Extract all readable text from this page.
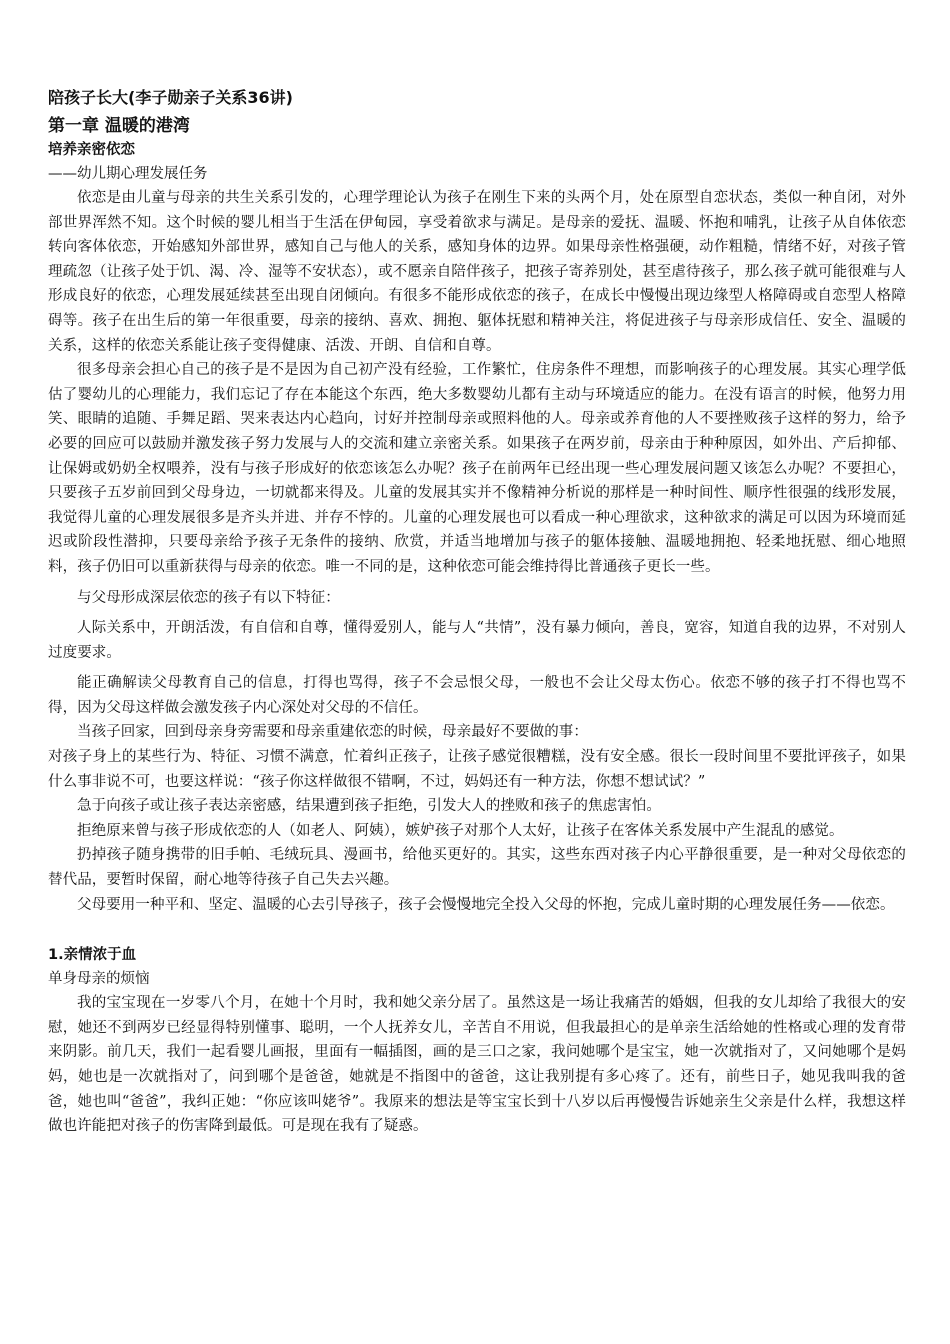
陪孩子长大(李子勋亲子关系36讲)
第一章 温暖的港湾
培养亲密依恋
——幼儿期心理发展任务

依恋是由儿童与母亲的共生关系引发的，心理学理论认为孩子在刚生下来的头两个月，处在原型自恋状态，类似一种自闭，对外部世界浑然不知。这个时候的婴儿相当于生活在伊甸园，享受着欲求与满足。是母亲的爱抚、温暖、怀抱和哺乳，让孩子从自体依恋转向客体依恋，开始感知外部世界，感知自己与他人的关系，感知身体的边界。如果母亲性格强硬，动作粗糙，情绪不好，对孩子管理疏忽（让孩子处于饥、渴、冷、湿等不安状态），或不愿亲自陪伴孩子，把孩子寄养别处，甚至虐待孩子，那么孩子就可能很难与人形成良好的依恋，心理发展延续甚至出现自闭倾向。有很多不能形成依恋的孩子，在成长中慢慢出现边缘型人格障碍或自恋型人格障碍等。孩子在出生后的第一年很重要，母亲的接纳、喜欢、拥抱、躯体抚慰和精神关注，将促进孩子与母亲形成信任、安全、温暖的关系，这样的依恋关系能让孩子变得健康、活泼、开朗、自信和自尊。

很多母亲会担心自己的孩子是不是因为自己初产没有经验，工作繁忙，住房条件不理想，而影响孩子的心理发展。其实心理学低估了婴幼儿的心理能力，我们忘记了存在本能这个东西，绝大多数婴幼儿都有主动与环境适应的能力。在没有语言的时候，他努力用笑、眼睛的追随、手舞足蹈、哭来表达内心趋向，讨好并控制母亲或照料他的人。母亲或养育他的人不要挫败孩子这样的努力，给予必要的回应可以鼓励并激发孩子努力发展与人的交流和建立亲密关系。如果孩子在两岁前，母亲由于种种原因，如外出、产后抑郁、让保姆或奶奶全权喂养，没有与孩子形成好的依恋该怎么办呢？孩子在前两年已经出现一些心理发展问题又该怎么办呢？不要担心，只要孩子五岁前回到父母身边，一切就都来得及。儿童的发展其实并不像精神分析说的那样是一种时间性、顺序性很强的线形发展，我觉得儿童的心理发展很多是齐头并进、并存不悖的。儿童的心理发展也可以看成一种心理欲求，这种欲求的满足可以因为环境而延迟或阶段性潜抑，只要母亲给予孩子无条件的接纳、欣赏，并适当地增加与孩子的躯体接触、温暖地拥抱、轻柔地抚慰、细心地照料，孩子仍旧可以重新获得与母亲的依恋。唯一不同的是，这种依恋可能会维持得比普通孩子更长一些。

与父母形成深层依恋的孩子有以下特征：

人际关系中，开朗活泼，有自信和自尊，懂得爱别人，能与人“共情”，没有暴力倾向，善良，宽容，知道自我的边界，不对别人过度要求。

能正确解读父母教育自己的信息，打得也骂得，孩子不会忌恨父母，一般也不会让父母太伤心。依恋不够的孩子打不得也骂不得，因为父母这样做会激发孩子内心深处对父母的不信任。

当孩子回家，回到母亲身旁需要和母亲重建依恋的时候，母亲最好不要做的事：

对孩子身上的某些行为、特征、习惯不满意，忙着纠正孩子，让孩子感觉很糟糕，没有安全感。很长一段时间里不要批评孩子，如果什么事非说不可，也要这样说：“孩子你这样做很不错啊，不过，妈妈还有一种方法，你想不想试试？”

急于向孩子或让孩子表达亲密感，结果遭到孩子拒绝，引发大人的挫败和孩子的焦虑害怕。

拒绝原来曾与孩子形成依恋的人（如老人、阿姨），嫉妒孩子对那个人太好，让孩子在客体关系发展中产生混乱的感觉。

扔掉孩子随身携带的旧手帕、毛绒玩具、漫画书，给他买更好的。其实，这些东西对孩子内心平静很重要，是一种对父母依恋的替代品，要暂时保留，耐心地等待孩子自己失去兴趣。

父母要用一种平和、坚定、温暖的心去引导孩子，孩子会慢慢地完全投入父母的怀抱，完成儿童时期的心理发展任务——依恋。

1.亲情浓于血
单身母亲的烦恼

我的宝宝现在一岁零八个月，在她十个月时，我和她父亲分居了。虽然这是一场让我痛苦的婚姻，但我的女儿却给了我很大的安慰，她还不到两岁已经显得特别懂事、聪明，一个人抚养女儿，辛苦自不用说，但我最担心的是单亲生活给她的性格或心理的发育带来阴影。前几天，我们一起看婴儿画报，里面有一幅插图，画的是三口之家，我问她哪个是宝宝，她一次就指对了，又问她哪个是妈妈，她也是一次就指对了，问到哪个是爸爸，她就是不指图中的爸爸，这让我别提有多心疼了。还有，前些日子，她见我叫我的爸爸，她也叫“爸爸”，我纠正她：“你应该叫姥爷”。我原来的想法是等宝宝长到十八岁以后再慢慢告诉她亲生父亲是什么样，我想这样做也许能把对孩子的伤害降到最低。可是现在我有了疑惑。
